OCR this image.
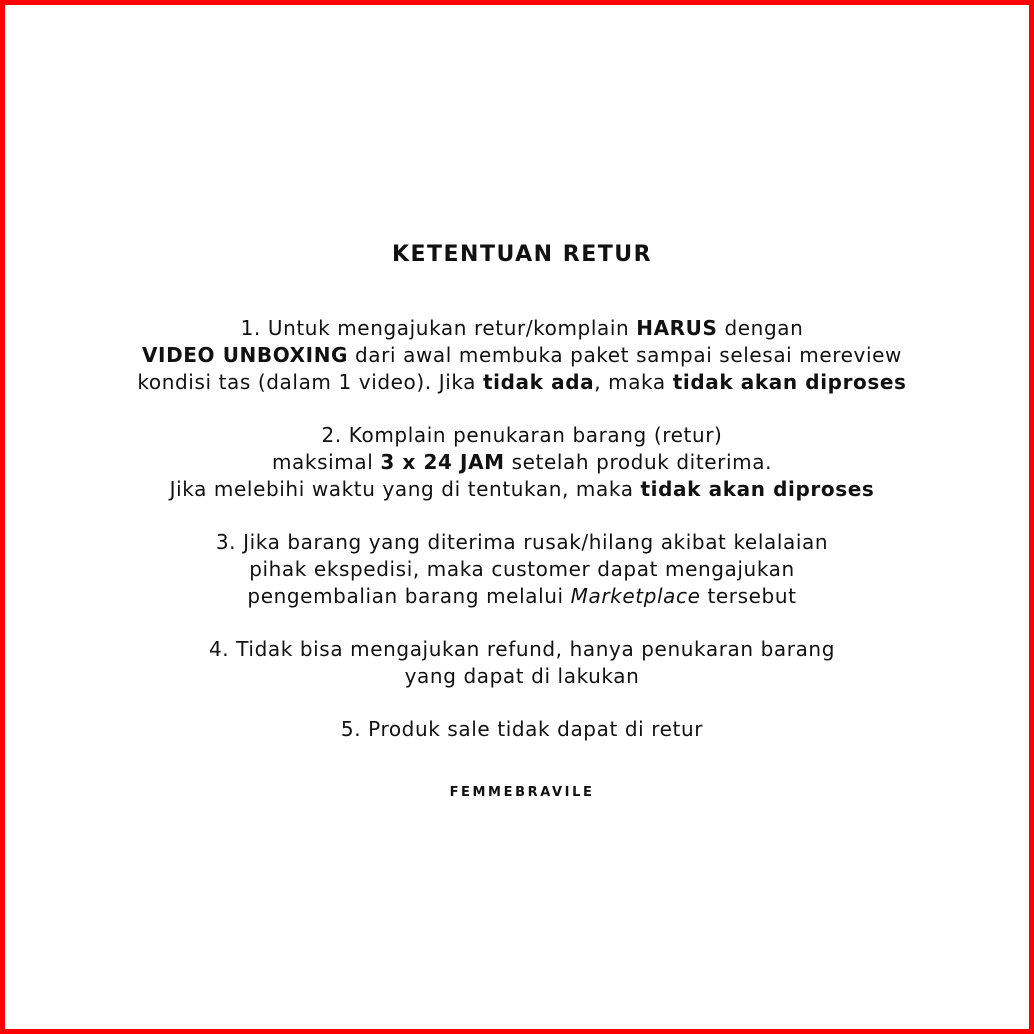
KETENTUAN RETUR

1. Untuk mengajukan retur/komplain HARUS dengan

VIDEO UNBOXING dari awal membuka paket sampai selesai mereview

kondisi tas (dalam 1 video). Jika tidak ada, maka tidak akan diproses

2. Komplain penukaran barang (retur)

maksimal 3 x 24 JAM setelah produk diterima.

Jika melebihi waktu yang di tentukan, maka tidak akan diproses

3. Jika barang yang diterima rusak/hilang akibat kelalaian

pihak ekspedisi, maka customer dapat mengajukan

pengembalian barang melalui Marketplace tersebut

4. Tidak bisa mengajukan refund, hanya penukaran barang

yang dapat di lakukan

5. Produk sale tidak dapat di retur

FEMMEBRAVILE
